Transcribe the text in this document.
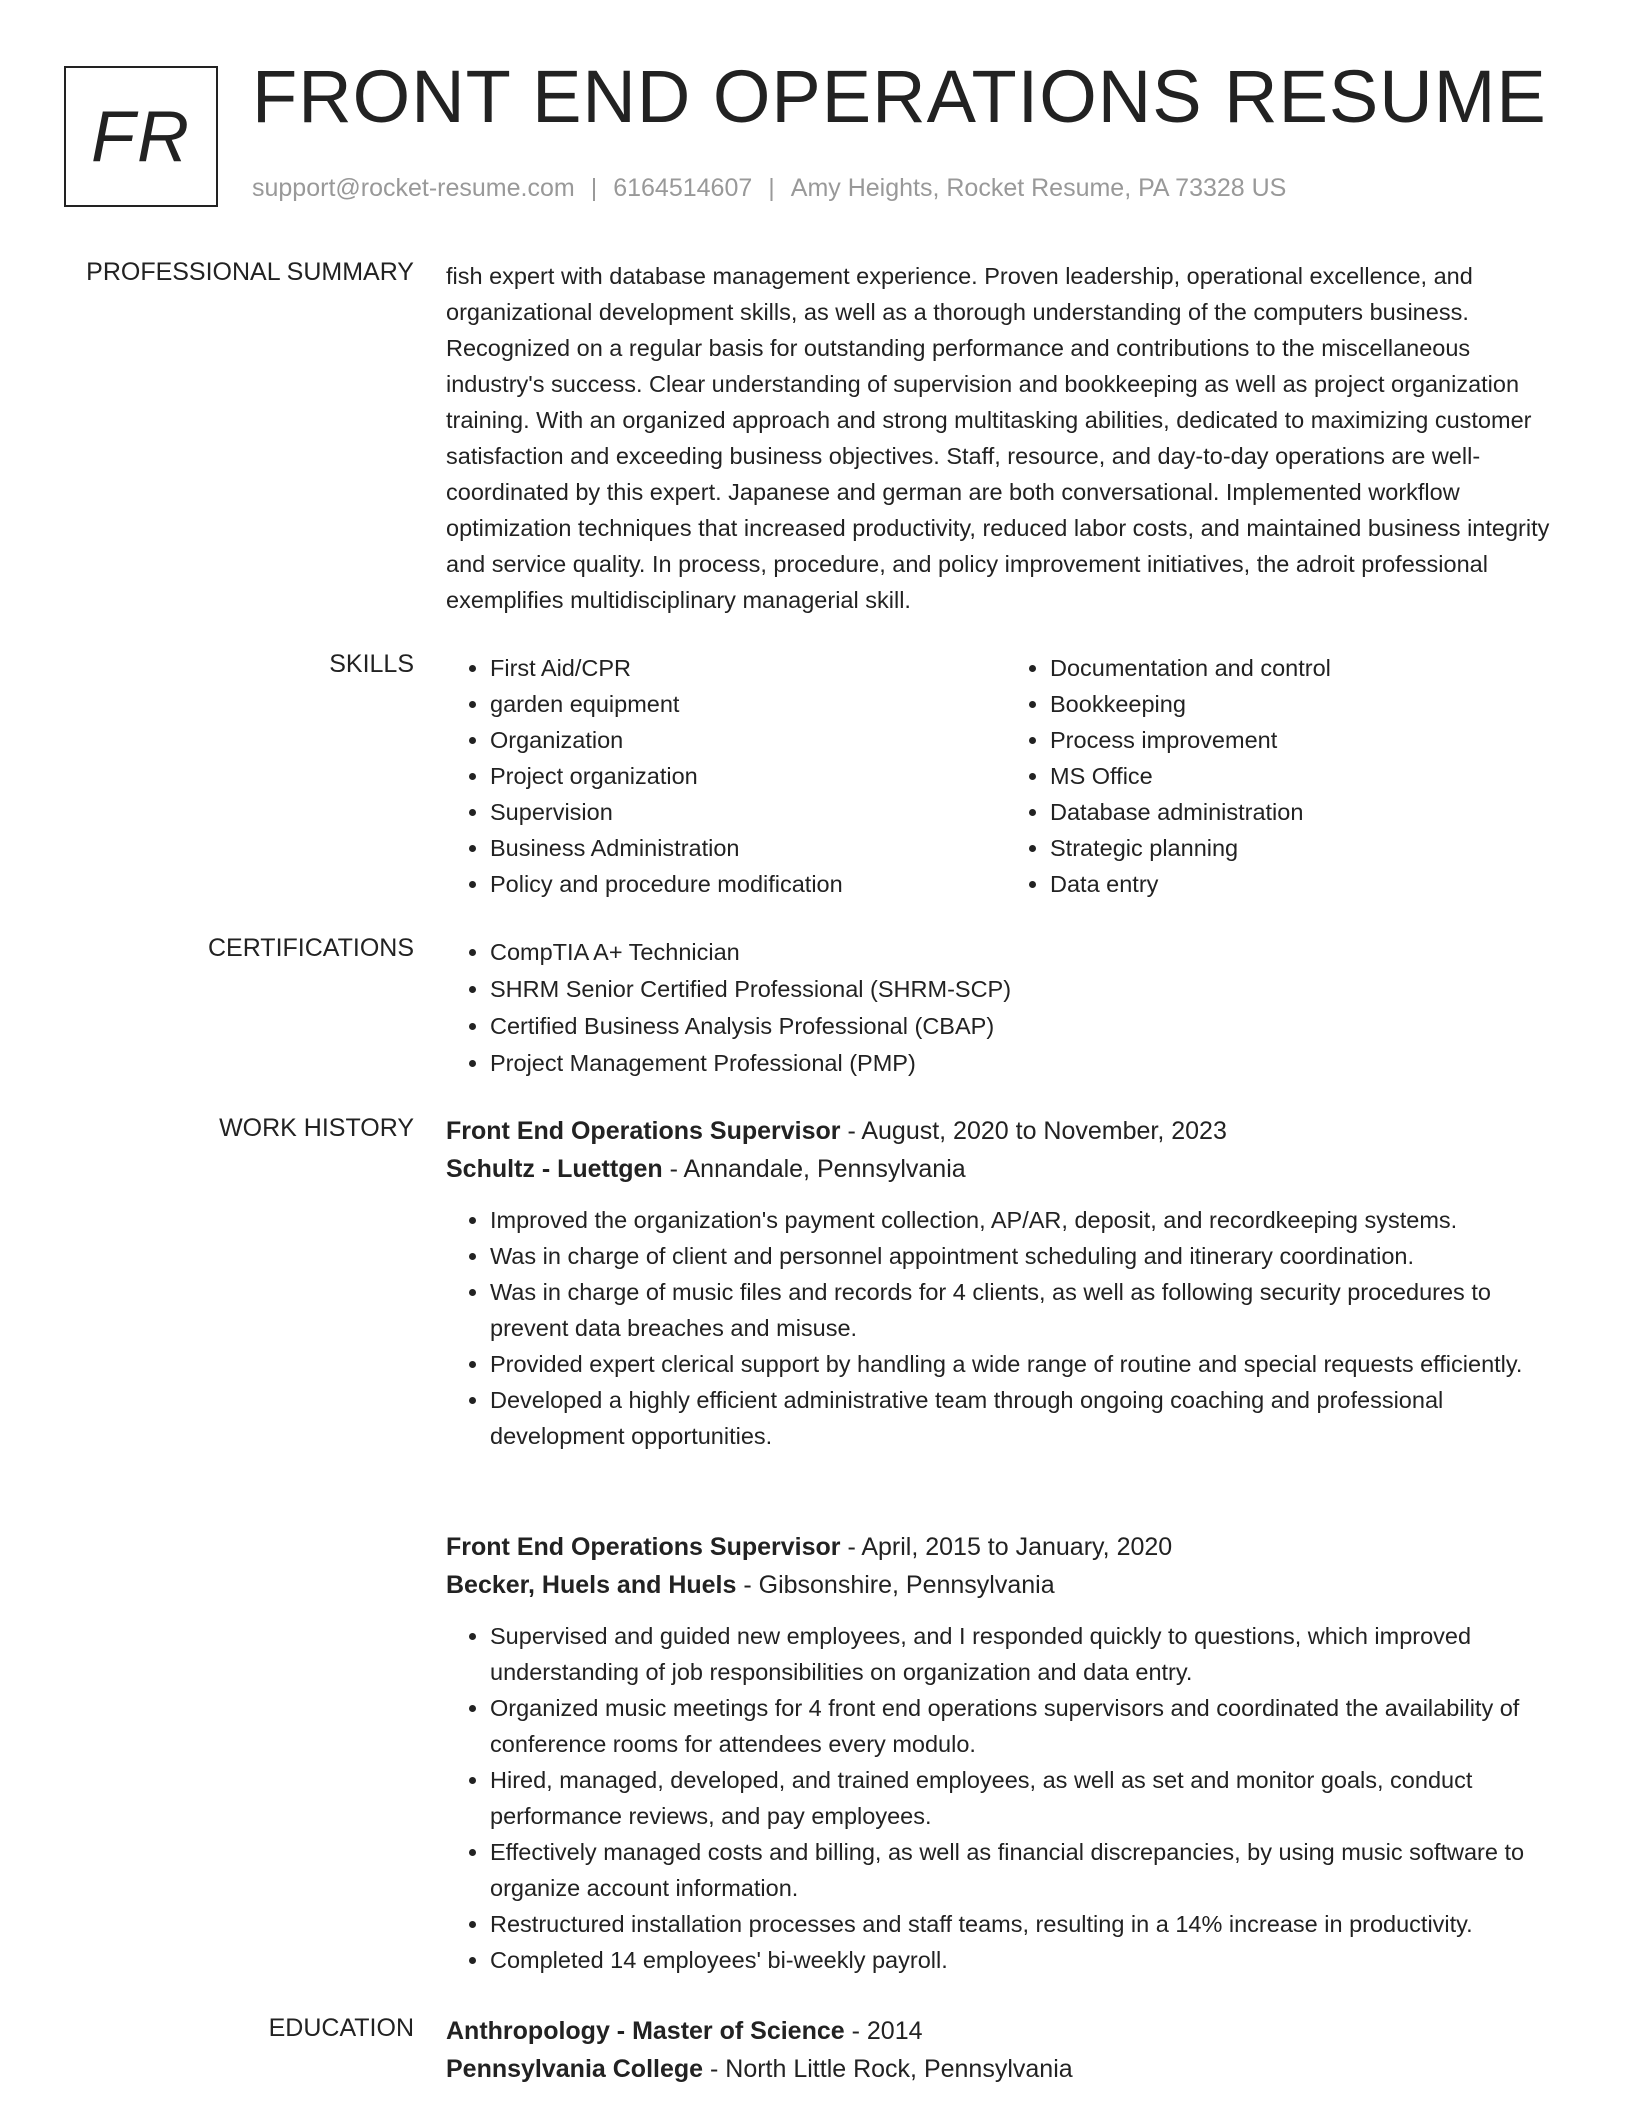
FR FRONT END OPERATIONS RESUME
support@rocket-resume.com | 6164514607 | Amy Heights, Rocket Resume, PA 73328 US
PROFESSIONAL SUMMARY fish expert with database management experience. Proven leadership, operational excellence, and organizational development skills, as well as a thorough understanding of the computers business. Recognized on a regular basis for outstanding performance and contributions to the miscellaneous industry's success. Clear understanding of supervision and bookkeeping as well as project organization training. With an organized approach and strong multitasking abilities, dedicated to maximizing customer satisfaction and exceeding business objectives. Staff, resource, and day-to-day operations are well-coordinated by this expert. Japanese and german are both conversational. Implemented workflow optimization techniques that increased productivity, reduced labor costs, and maintained business integrity and service quality. In process, procedure, and policy improvement initiatives, the adroit professional exemplifies multidisciplinary managerial skill.
SKILLS	• First Aid/CPR
• garden equipment
• Organization
• Project organization
• Supervision
• Business Administration
• Policy and procedure modification
• Documentation and control
• Bookkeeping
• Process improvement
• MS Office
• Database administration
• Strategic planning
• Data entry
CERTIFICATIONS	• CompTIA A+ Technician
• SHRM Senior Certified Professional (SHRM-SCP)
• Certified Business Analysis Professional (CBAP)
• Project Management Professional (PMP)
WORK HISTORY Front End Operations Supervisor - August, 2020 to November, 2023
Schultz - Luettgen - Annandale, Pennsylvania
• Improved the organization's payment collection, AP/AR, deposit, and recordkeeping systems.
• Was in charge of client and personnel appointment scheduling and itinerary coordination.
• Was in charge of music files and records for 4 clients, as well as following security procedures to prevent data breaches and misuse.
• Provided expert clerical support by handling a wide range of routine and special requests efficiently.
• Developed a highly efficient administrative team through ongoing coaching and professional development opportunities.
Front End Operations Supervisor - April, 2015 to January, 2020
Becker, Huels and Huels - Gibsonshire, Pennsylvania
• Supervised and guided new employees, and I responded quickly to questions, which improved understanding of job responsibilities on organization and data entry.
• Organized music meetings for 4 front end operations supervisors and coordinated the availability of conference rooms for attendees every modulo.
• Hired, managed, developed, and trained employees, as well as set and monitor goals, conduct performance reviews, and pay employees.
• Effectively managed costs and billing, as well as financial discrepancies, by using music software to organize account information.
• Restructured installation processes and staff teams, resulting in a 14% increase in productivity.
• Completed 14 employees' bi-weekly payroll.
EDUCATION Anthropology - Master of Science - 2014
Pennsylvania College - North Little Rock, Pennsylvania
